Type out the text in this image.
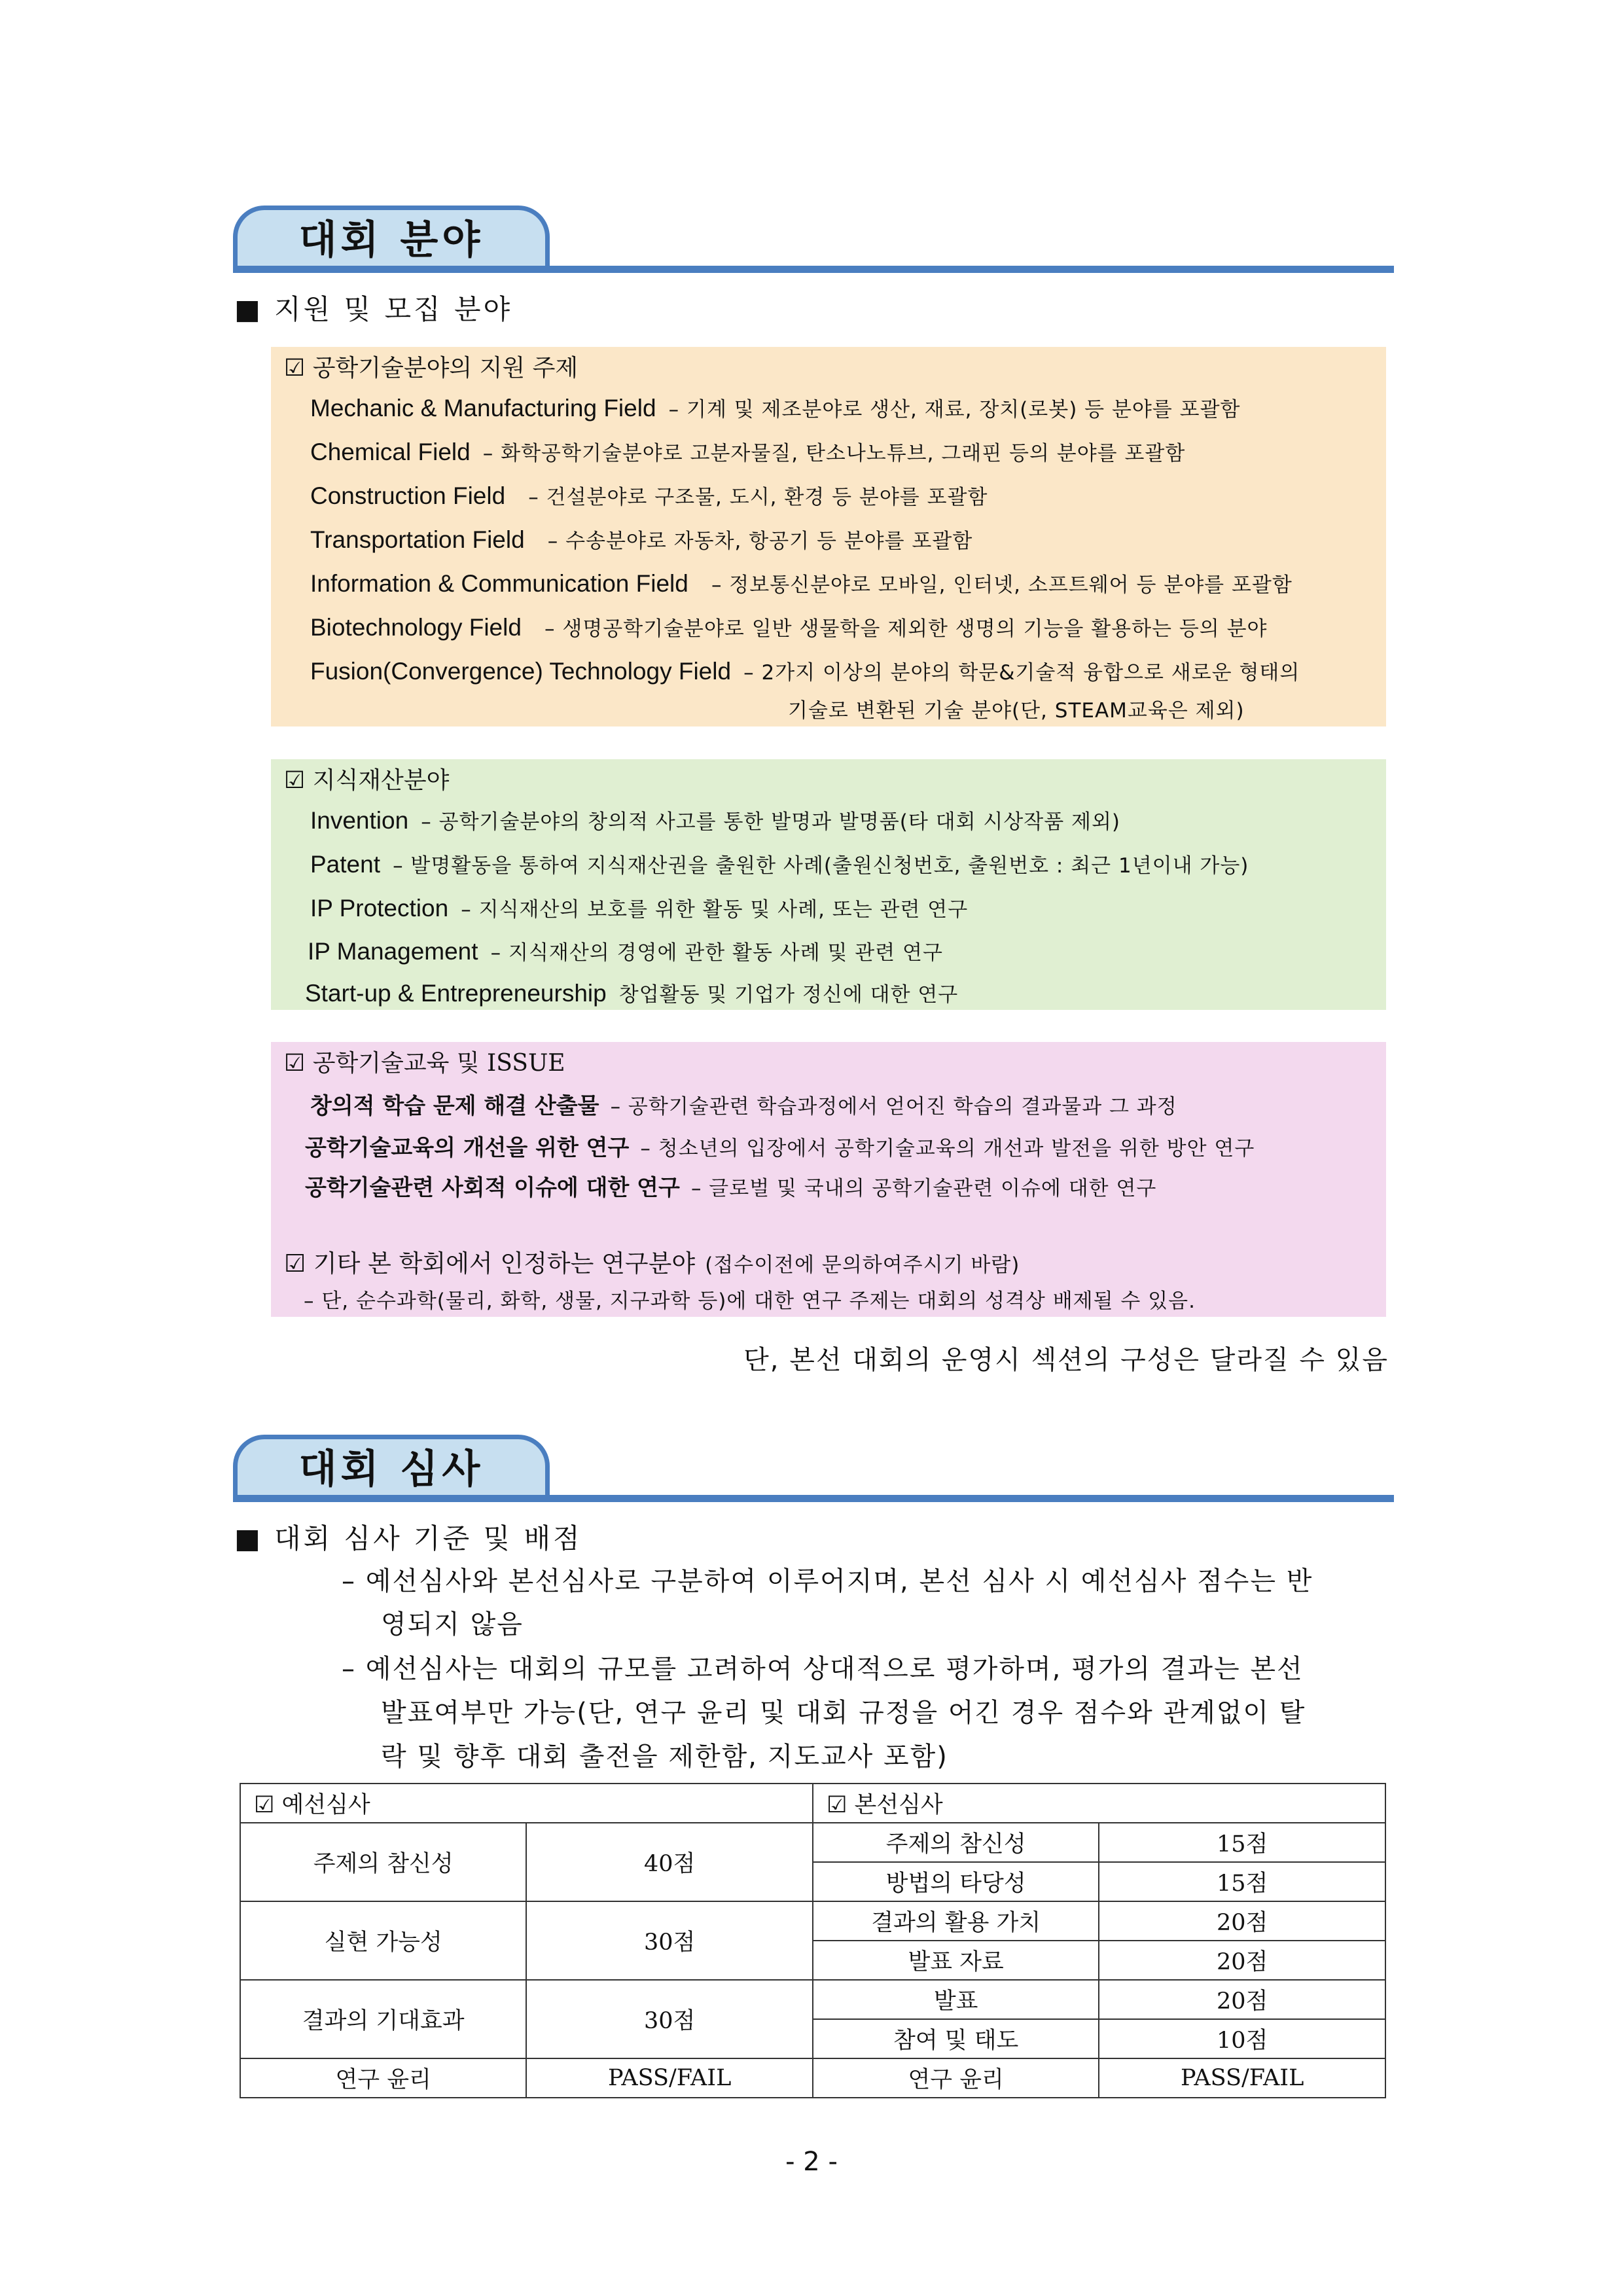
대회 분야
■ 지원 및 모집 분야
☑ 공학기술분야의 지원 주제
Mechanic & Manufacturing Field – 기계 및 제조분야로 생산, 재료, 장치(로봇) 등 분야를 포괄함
Chemical Field – 화학공학기술분야로 고분자물질, 탄소나노튜브, 그래핀 등의 분야를 포괄함
Construction Field – 건설분야로 구조물, 도시, 환경 등 분야를 포괄함
Transportation Field – 수송분야로 자동차, 항공기 등 분야를 포괄함
Information & Communication Field – 정보통신분야로 모바일, 인터넷, 소프트웨어 등 분야를 포괄함
Biotechnology Field – 생명공학기술분야로 일반 생물학을 제외한 생명의 기능을 활용하는 등의 분야
Fusion(Convergence) Technology Field – 2가지 이상의 분야의 학문&기술적 융합으로 새로운 형태의
기술로 변환된 기술 분야(단, STEAM교육은 제외)
☑ 지식재산분야
Invention – 공학기술분야의 창의적 사고를 통한 발명과 발명품(타 대회 시상작품 제외)
Patent – 발명활동을 통하여 지식재산권을 출원한 사례(출원신청번호, 출원번호 : 최근 1년이내 가능)
IP Protection – 지식재산의 보호를 위한 활동 및 사례, 또는 관련 연구
IP Management – 지식재산의 경영에 관한 활동 사례 및 관련 연구
Start-up & Entrepreneurship 창업활동 및 기업가 정신에 대한 연구
☑ 공학기술교육 및 ISSUE
창의적 학습 문제 해결 산출물 – 공학기술관련 학습과정에서 얻어진 학습의 결과물과 그 과정
공학기술교육의 개선을 위한 연구 – 청소년의 입장에서 공학기술교육의 개선과 발전을 위한 방안 연구
공학기술관련 사회적 이슈에 대한 연구 – 글로벌 및 국내의 공학기술관련 이슈에 대한 연구
☑ 기타 본 학회에서 인정하는 연구분야 (접수이전에 문의하여주시기 바람)
– 단, 순수과학(물리, 화학, 생물, 지구과학 등)에 대한 연구 주제는 대회의 성격상 배제될 수 있음.
단, 본선 대회의 운영시 섹션의 구성은 달라질 수 있음
대회 심사
■ 대회 심사 기준 및 배점
– 예선심사와 본선심사로 구분하여 이루어지며, 본선 심사 시 예선심사 점수는 반
영되지 않음
– 예선심사는 대회의 규모를 고려하여 상대적으로 평가하며, 평가의 결과는 본선
발표여부만 가능(단, 연구 윤리 및 대회 규정을 어긴 경우 점수와 관계없이 탈
락 및 향후 대회 출전을 제한함, 지도교사 포함)
☑ 예선심사		☑ 본선심사	
주제의 참신성	40점	주제의 참신성	15점
		방법의 타당성	15점
실현 가능성	30점	결과의 활용 가치	20점
		발표 자료	20점
결과의 기대효과	30점	발표	20점
		참여 및 태도	10점
연구 윤리	PASS/FAIL	연구 윤리	PASS/FAIL
- 2 -
